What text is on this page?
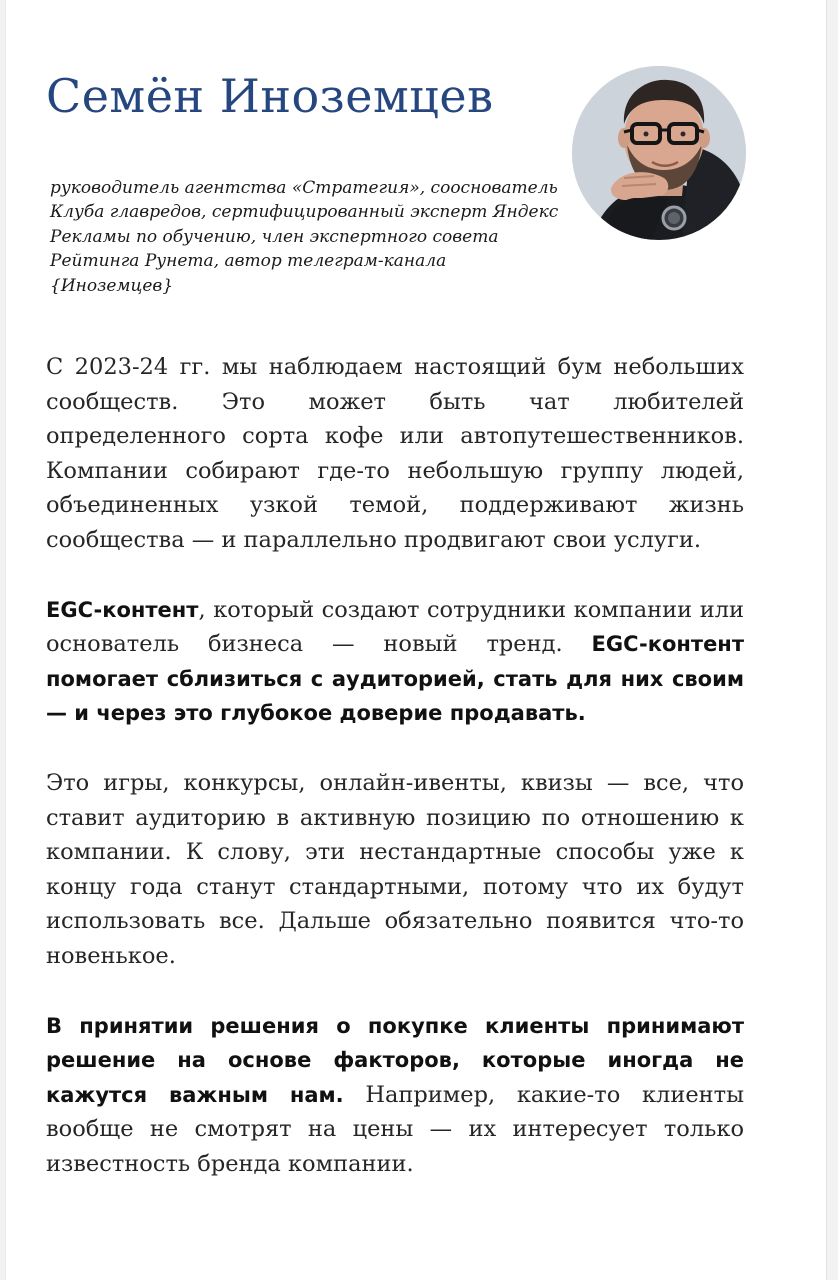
Семён Иноземцев

руководитель агентства «Стратегия», сооснователь Клуба главредов, сертифицированный эксперт Яндекс Рекламы по обучению, член экспертного совета Рейтинга Рунета, автор телеграм-канала {Иноземцев}

С 2023-24 гг. мы наблюдаем настоящий бум небольших сообществ. Это может быть чат любителей определенного сорта кофе или автопутешественников. Компании собирают где-то небольшую группу людей, объединенных узкой темой, поддерживают жизнь сообщества — и параллельно продвигают свои услуги.

EGC-контент, который создают сотрудники компании или основатель бизнеса — новый тренд. EGC-контент помогает сблизиться с аудиторией, стать для них своим — и через это глубокое доверие продавать.

Это игры, конкурсы, онлайн-ивенты, квизы — все, что ставит аудиторию в активную позицию по отношению к компании. К слову, эти нестандартные способы уже к концу года станут стандартными, потому что их будут использовать все. Дальше обязательно появится что-то новенькое.

В принятии решения о покупке клиенты принимают решение на основе факторов, которые иногда не кажутся важным нам. Например, какие-то клиенты вообще не смотрят на цены — их интересует только известность бренда компании.
